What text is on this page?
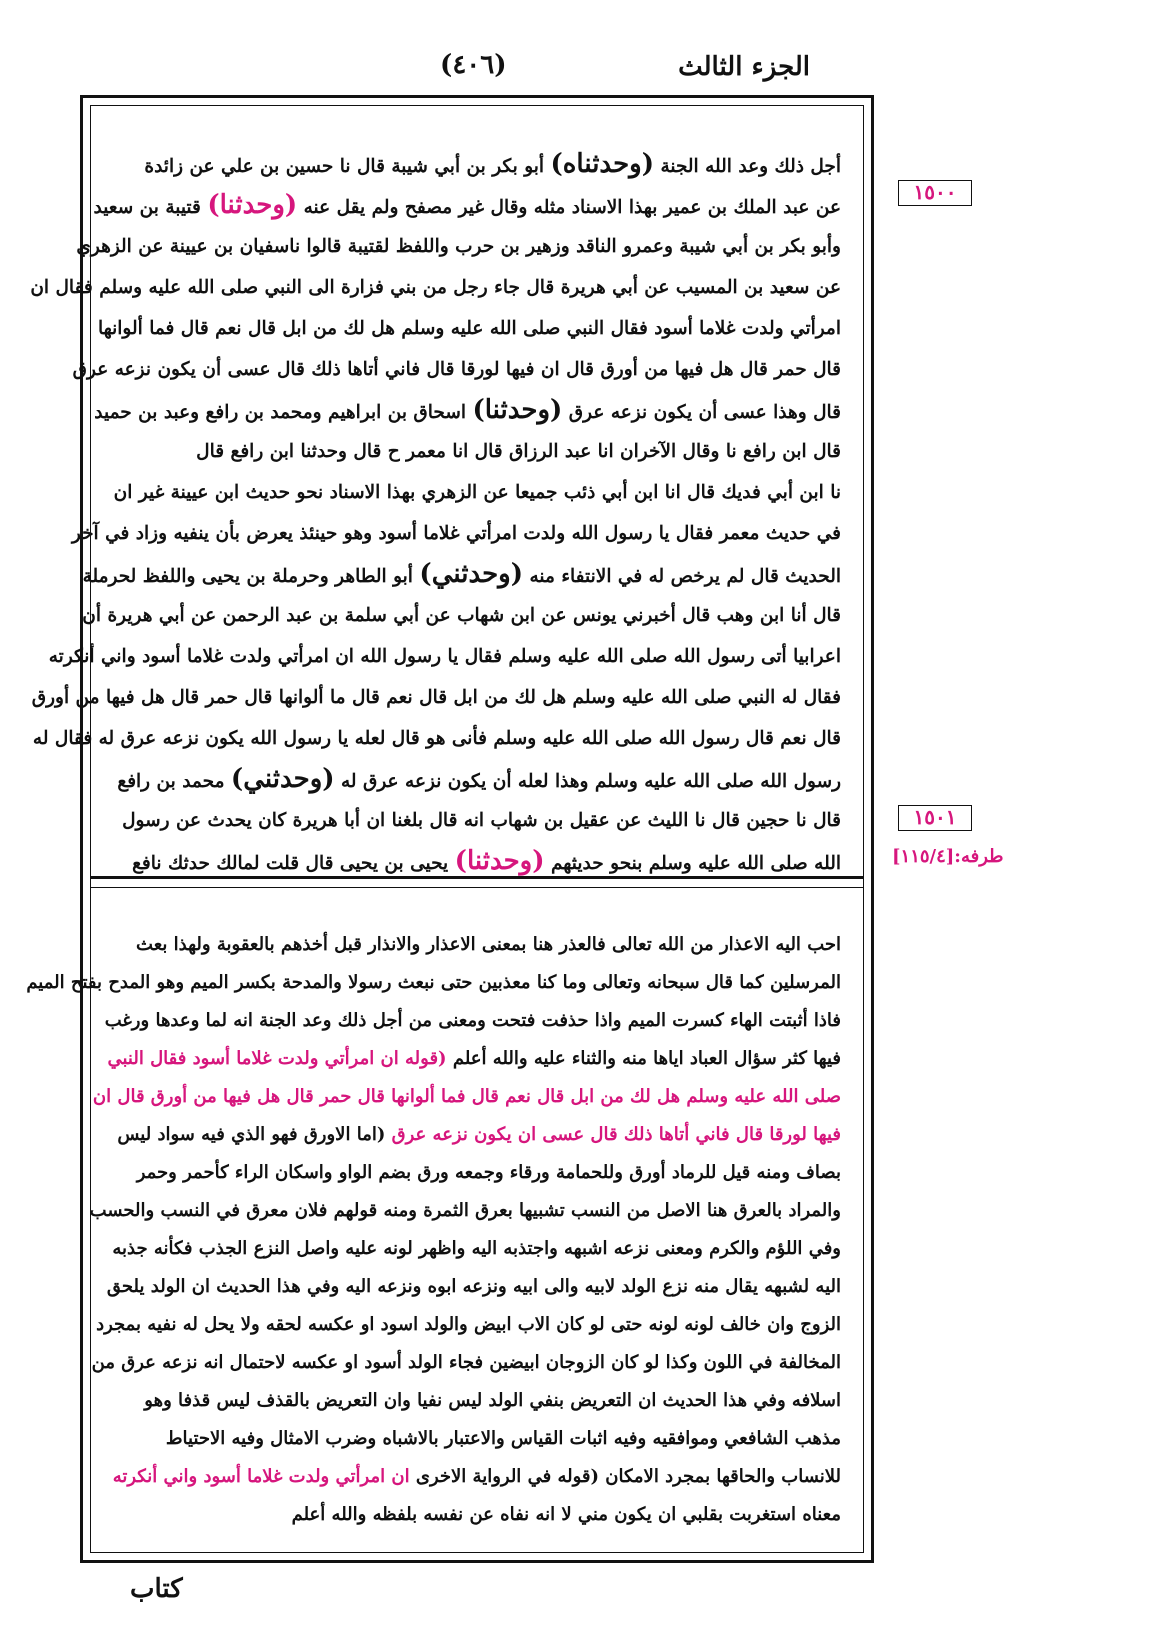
الجزء الثالث
(٤٠٦)
أجل ذلك وعد الله الجنة (وحدثناه) أبو بكر بن أبي شيبة قال نا حسين بن علي عن زائدة
عن عبد الملك بن عمير بهذا الاسناد مثله وقال غير مصفح ولم يقل عنه (وحدثنا) قتيبة بن سعيد
وأبو بكر بن أبي شيبة وعمرو الناقد وزهير بن حرب واللفظ لقتيبة قالوا ناسفيان بن عيينة عن الزهري
عن سعيد بن المسيب عن أبي هريرة قال جاء رجل من بني فزارة الى النبي صلى الله عليه وسلم فقال ان
امرأتي ولدت غلاما أسود فقال النبي صلى الله عليه وسلم هل لك من ابل قال نعم قال فما ألوانها
قال حمر قال هل فيها من أورق قال ان فيها لورقا قال فاني أتاها ذلك قال عسى أن يكون نزعه عرق
قال وهذا عسى أن يكون نزعه عرق (وحدثنا) اسحاق بن ابراهيم ومحمد بن رافع وعبد بن حميد
قال ابن رافع نا وقال الآخران انا عبد الرزاق قال انا معمر ح قال وحدثنا ابن رافع قال
نا ابن أبي فديك قال انا ابن أبي ذئب جميعا عن الزهري بهذا الاسناد نحو حديث ابن عيينة غير ان
في حديث معمر فقال يا رسول الله ولدت امرأتي غلاما أسود وهو حينئذ يعرض بأن ينفيه وزاد في آخر
الحديث قال لم يرخص له في الانتفاء منه (وحدثني) أبو الطاهر وحرملة بن يحيى واللفظ لحرملة
قال أنا ابن وهب قال أخبرني يونس عن ابن شهاب عن أبي سلمة بن عبد الرحمن عن أبي هريرة أن
اعرابيا أتى رسول الله صلى الله عليه وسلم فقال يا رسول الله ان امرأتي ولدت غلاما أسود واني أنكرته
فقال له النبي صلى الله عليه وسلم هل لك من ابل قال نعم قال ما ألوانها قال حمر قال هل فيها من أورق
قال نعم قال رسول الله صلى الله عليه وسلم فأنى هو قال لعله يا رسول الله يكون نزعه عرق له فقال له
رسول الله صلى الله عليه وسلم وهذا لعله أن يكون نزعه عرق له (وحدثني) محمد بن رافع
قال نا حجين قال نا الليث عن عقيل بن شهاب انه قال بلغنا ان أبا هريرة كان يحدث عن رسول
الله صلى الله عليه وسلم بنحو حديثهم (وحدثنا) يحيى بن يحيى قال قلت لمالك حدثك نافع
احب اليه الاعذار من الله تعالى فالعذر هنا بمعنى الاعذار والانذار قبل أخذهم بالعقوبة ولهذا بعث
المرسلين كما قال سبحانه وتعالى وما كنا معذبين حتى نبعث رسولا والمدحة بكسر الميم وهو المدح بفتح الميم
فاذا أثبتت الهاء كسرت الميم واذا حذفت فتحت ومعنى من أجل ذلك وعد الجنة انه لما وعدها ورغب
فيها كثر سؤال العباد اياها منه والثناء عليه والله أعلم (قوله ان امرأتي ولدت غلاما أسود فقال النبي
صلى الله عليه وسلم هل لك من ابل قال نعم قال فما ألوانها قال حمر قال هل فيها من أورق قال ان
فيها لورقا قال فاني أتاها ذلك قال عسى ان يكون نزعه عرق (اما الاورق فهو الذي فيه سواد ليس
بصاف ومنه قيل للرماد أورق وللحمامة ورقاء وجمعه ورق بضم الواو واسكان الراء كأحمر وحمر
والمراد بالعرق هنا الاصل من النسب تشبيها بعرق الثمرة ومنه قولهم فلان معرق في النسب والحسب
وفي اللؤم والكرم ومعنى نزعه اشبهه واجتذبه اليه واظهر لونه عليه واصل النزع الجذب فكأنه جذبه
اليه لشبهه يقال منه نزع الولد لابيه والى ابيه ونزعه ابوه ونزعه اليه وفي هذا الحديث ان الولد يلحق
الزوج وان خالف لونه لونه حتى لو كان الاب ابيض والولد اسود او عكسه لحقه ولا يحل له نفيه بمجرد
المخالفة في اللون وكذا لو كان الزوجان ابيضين فجاء الولد أسود او عكسه لاحتمال انه نزعه عرق من
اسلافه وفي هذا الحديث ان التعريض بنفي الولد ليس نفيا وان التعريض بالقذف ليس قذفا وهو
مذهب الشافعي وموافقيه وفيه اثبات القياس والاعتبار بالاشباه وضرب الامثال وفيه الاحتياط
للانساب والحاقها بمجرد الامكان (قوله في الرواية الاخرى ان امرأتي ولدت غلاما أسود واني أنكرته
معناه استغربت بقلبي ان يكون مني لا انه نفاه عن نفسه بلفظه والله أعلم
١٥٠٠
١٥٠١
طرفه:[١١٥/٤]
كتاب
